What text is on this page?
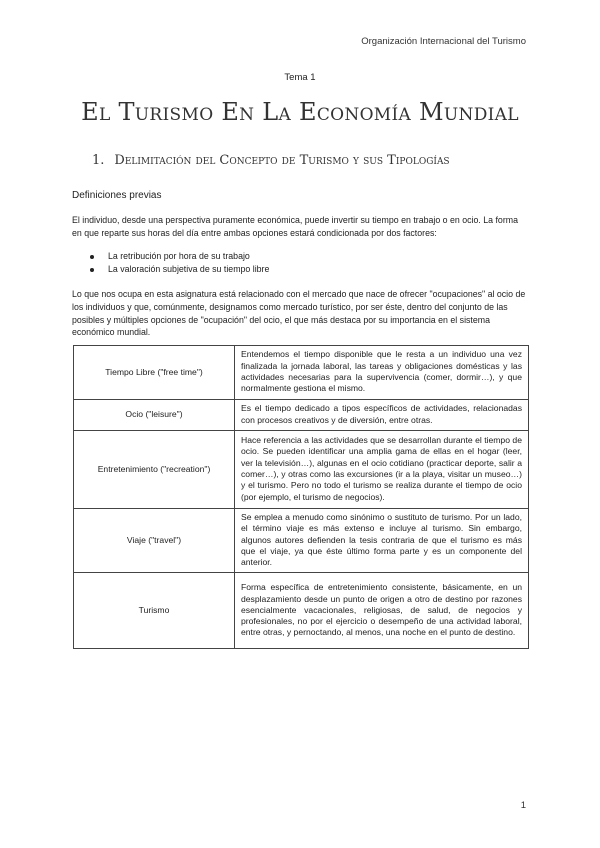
Organización Internacional del Turismo
Tema 1
El Turismo En La Economía Mundial
1. Delimitación del Concepto de Turismo y sus Tipologías
Definiciones previas
El individuo, desde una perspectiva puramente económica, puede invertir su tiempo en trabajo o en ocio. La forma en que reparte sus horas del día entre ambas opciones estará condicionada por dos factores:
La retribución por hora de su trabajo
La valoración subjetiva de su tiempo libre
Lo que nos ocupa en esta asignatura está relacionado con el mercado que nace de ofrecer "ocupaciones" al ocio de los individuos y que, comúnmente, designamos como mercado turístico, por ser éste, dentro del conjunto de las posibles y múltiples opciones de "ocupación" del ocio, el que más destaca por su importancia en el sistema económico mundial.
Tiempo Libre ("free time")	Entendemos el tiempo disponible que le resta a un individuo una vez finalizada la jornada laboral, las tareas y obligaciones domésticas y las actividades necesarias para la supervivencia (comer, dormir…), y que normalmente gestiona el mismo.
Ocio ("leisure")	Es el tiempo dedicado a tipos específicos de actividades, relacionadas con procesos creativos y de diversión, entre otras.
Entretenimiento ("recreation")	Hace referencia a las actividades que se desarrollan durante el tiempo de ocio. Se pueden identificar una amplia gama de ellas en el hogar (leer, ver la televisión…), algunas en el ocio cotidiano (practicar deporte, salir a comer…), y otras como las excursiones (ir a la playa, visitar un museo…) y el turismo. Pero no todo el turismo se realiza durante el tiempo de ocio (por ejemplo, el turismo de negocios).
Viaje ("travel")	Se emplea a menudo como sinónimo o sustituto de turismo. Por un lado, el término viaje es más extenso e incluye al turismo. Sin embargo, algunos autores defienden la tesis contraria de que el turismo es más que el viaje, ya que éste último forma parte y es un componente del anterior.
Turismo	Forma específica de entretenimiento consistente, básicamente, en un desplazamiento desde un punto de origen a otro de destino por razones esencialmente vacacionales, religiosas, de salud, de negocios y profesionales, no por el ejercicio o desempeño de una actividad laboral, entre otras, y pernoctando, al menos, una noche en el punto de destino.
1
